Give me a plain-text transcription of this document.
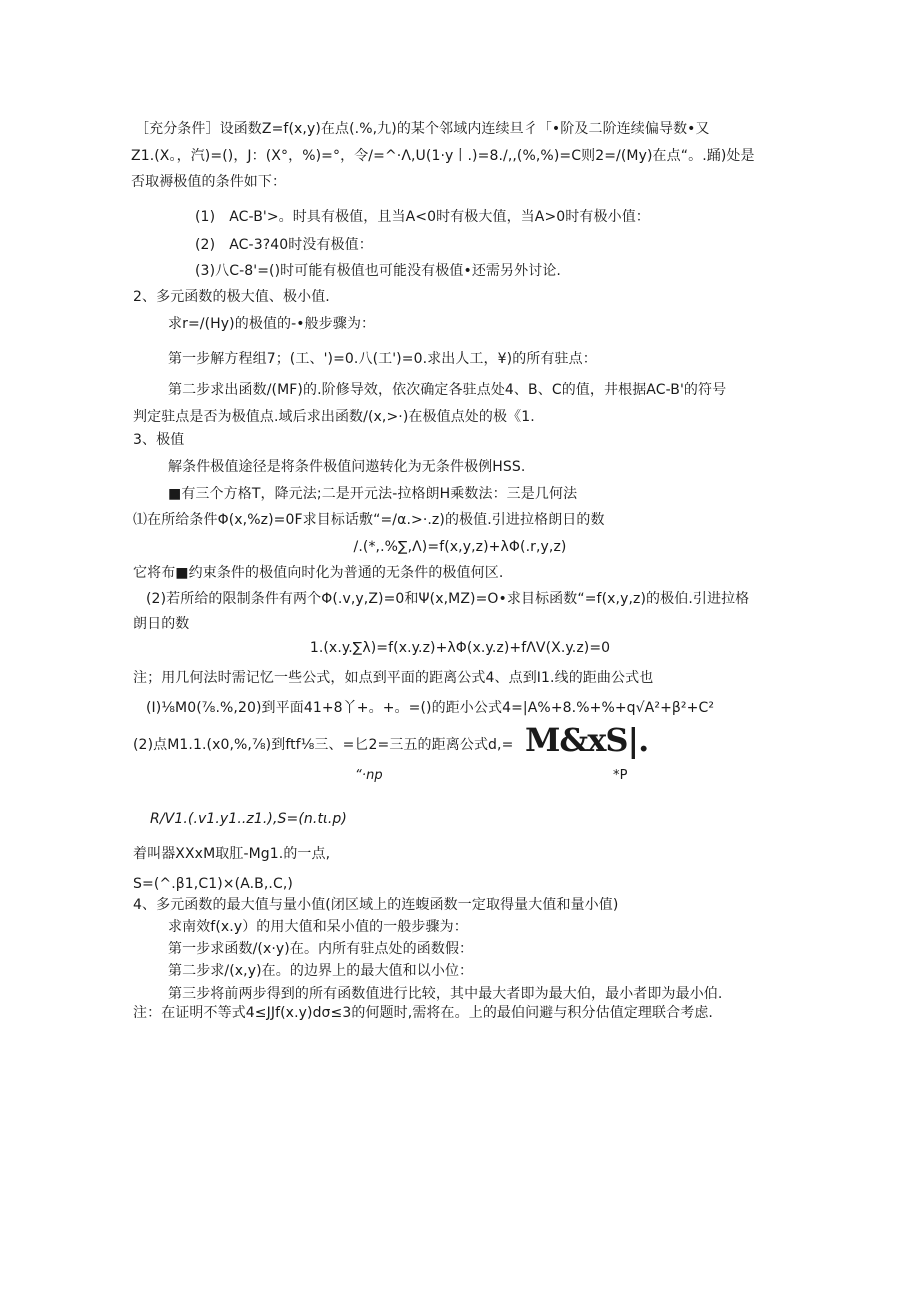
［充分条件］设函数Z=f(x,y)在点(.%,九)的某个邻域内连续旦彳「•阶及二阶连续偏导数•又
Z1.(X。，汽)=()，J：(X°，%)=°，令/=^·Λ,U(1·y丨.)=8./,,(%,%)=C则2=/(My)在点“。.踊)处是
否取褥极值的条件如下：
(1)　AC-B'>。时具有极值，且当A<0时有极大值，当A>0时有极小值：
(2)　AC-3?40时没有极值：
(3)八C-8'=()时可能有极值也可能没有极值•还需另外讨论.
2、多元函数的极大值、极小值.
求r=/(Hy)的极值的-•般步骤为：
第一步解方程组7；(工、')=0.八(工')=0.求出人工，¥)的所有驻点：
第二步求出函数/(MF)的.阶修导效，依次确定各驻点处4、B、C的值，井根据AC-B'的符号
判定驻点是否为极值点.域后求出函数/(x,>·)在极值点处的极《1.
3、极值
解条件极值途径是将条件极值问遨转化为无条件极例HSS.
■有三个方格T，降元法;二是开元法-拉格朗H乘数法：三是几何法
⑴在所给条件Φ(x,%z)=0F求目标话敷“=/α.>·.z)的极值.引进拉格朗日的数
/.(*,.%∑,Λ)=f(x,y,z)+λΦ(.r,y,z)
它将布■约束条件的极值向时化为普通的无条件的极值何区.
(2)若所给的限制条件有两个Φ(.v,y,Z)=0和Ψ(x,MZ)=O•求目标函数“=f(x,y,z)的极伯.引进拉格
朗日的数
1.(x.y.∑λ)=f(x.y.z)+λΦ(x.y.z)+fΛV(X.y.z)=0
注；用几何法时需记忆一些公式，如点到平面的距离公式4、点到I1.线的距曲公式也
(I)⅛M0(⅞.%,20)到平面41+8丫+。+。=()的距小公式4=|A%+8.%+%+q√A²+β²+C²
(2)点M1.1.(x0,%,⅞)到ftf⅛三、=匕2=三五的距离公式d,= M&xS|.
“·np	*P
R/V1.(.v1.y1..z1.),S=(n.tι.p)
着叫器XXxM取肛-Mg1.的一点,
S=(^.β1,C1)×(A.B,.C,)
4、多元函数的最大值与量小值(闭区域上的连蝮函数一定取得量大值和量小值)
求南效f(x.y）的用大值和呆小值的一般步骤为：
第一步求函数/(x·y)在。内所有驻点处的函数假：
第二步求/(x,y)在。的边界上的最大值和以小位：
第三步将前两步得到的所有函数值进行比较，其中最大者即为最大伯，最小者即为最小伯.
注：在证明不等式4≤JJf(x.y)dσ≤3的何题时,需将在。上的最伯问避与积分估值定理联合考虑.
